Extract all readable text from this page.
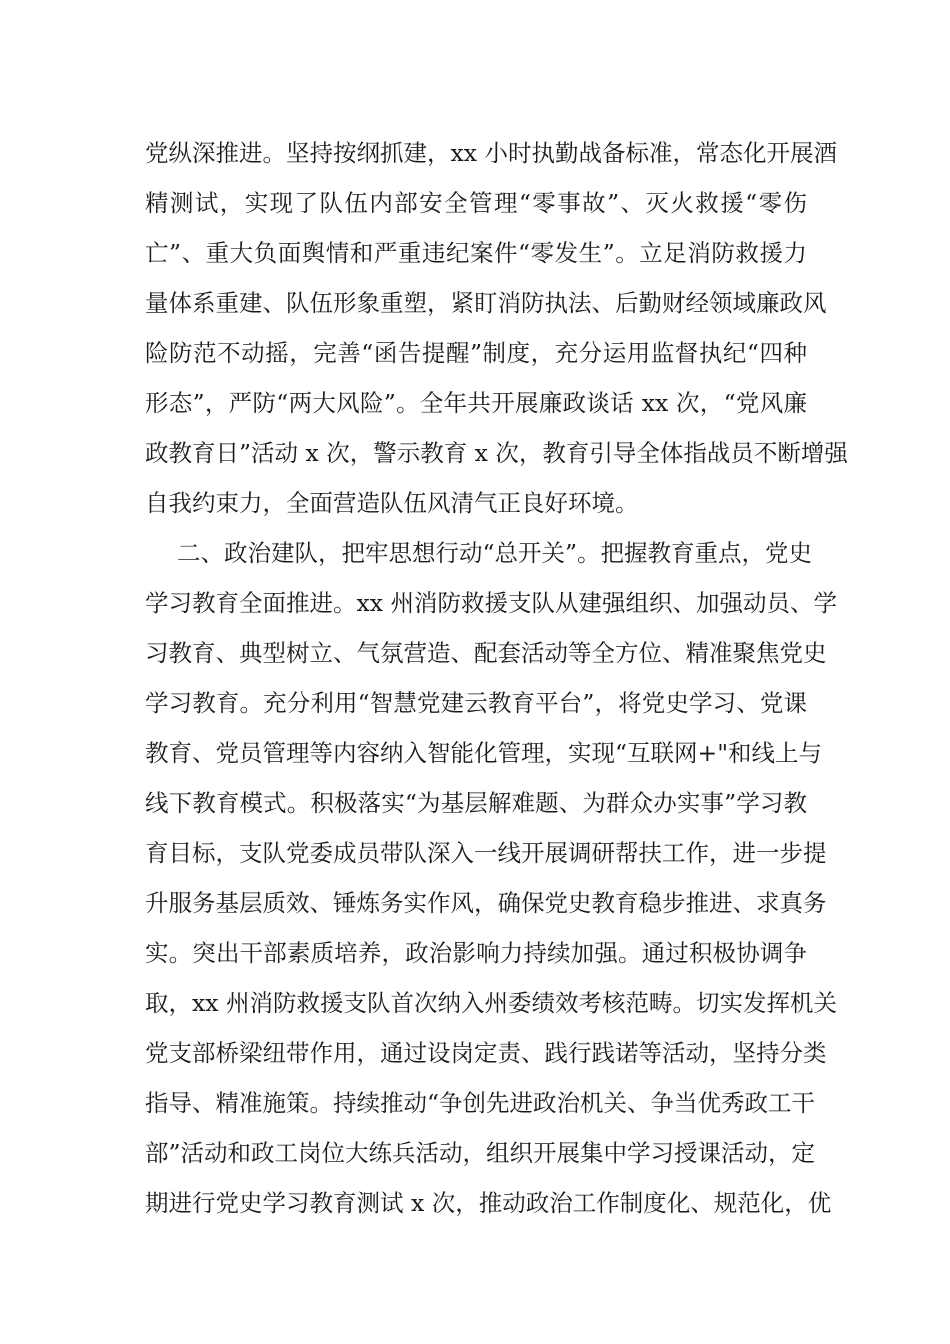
党纵深推进。坚持按纲抓建，xx 小时执勤战备标准，常态化开展酒
精测试，实现了队伍内部安全管理“零事故”、灭火救援“零伤
亡”、重大负面舆情和严重违纪案件“零发生”。立足消防救援力
量体系重建、队伍形象重塑，紧盯消防执法、后勤财经领域廉政风
险防范不动摇，完善“函告提醒”制度，充分运用监督执纪“四种
形态”，严防“两大风险”。全年共开展廉政谈话 xx 次，“党风廉
政教育日”活动 x 次，警示教育 x 次，教育引导全体指战员不断增强
自我约束力，全面营造队伍风清气正良好环境。
二、政治建队，把牢思想行动“总开关”。把握教育重点，党史
学习教育全面推进。xx 州消防救援支队从建强组织、加强动员、学
习教育、典型树立、气氛营造、配套活动等全方位、精准聚焦党史
学习教育。充分利用“智慧党建云教育平台”，将党史学习、党课
教育、党员管理等内容纳入智能化管理，实现“互联网+"和线上与
线下教育模式。积极落实“为基层解难题、为群众办实事”学习教
育目标，支队党委成员带队深入一线开展调研帮扶工作，进一步提
升服务基层质效、锤炼务实作风，确保党史教育稳步推进、求真务
实。突出干部素质培养，政治影响力持续加强。通过积极协调争
取，xx 州消防救援支队首次纳入州委绩效考核范畴。切实发挥机关
党支部桥梁纽带作用，通过设岗定责、践行践诺等活动，坚持分类
指导、精准施策。持续推动“争创先进政治机关、争当优秀政工干
部”活动和政工岗位大练兵活动，组织开展集中学习授课活动，定
期进行党史学习教育测试 x 次，推动政治工作制度化、规范化，优
